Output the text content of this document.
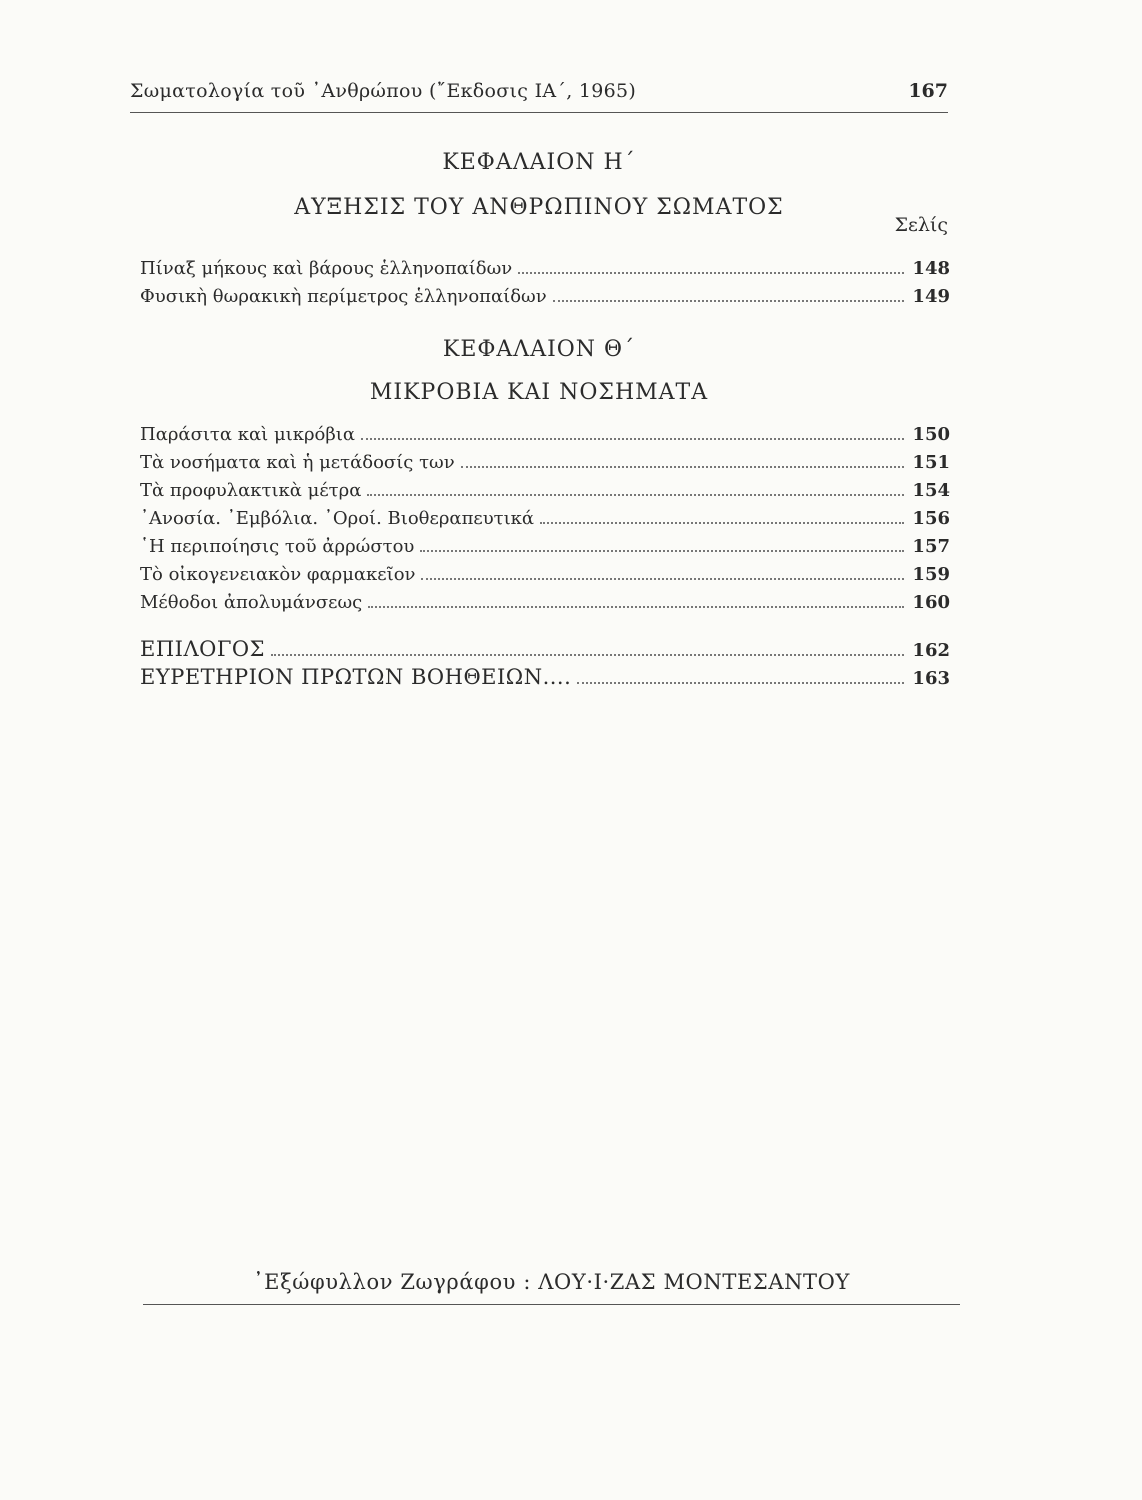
Σωματολογία τοῦ ᾿Ανθρώπου (῎Εκδοσις ΙΑ΄, 1965)	167
ΚΕΦΑΛΑΙΟΝ Η΄
ΑΥΞΗΣΙΣ ΤΟΥ ΑΝΘΡΩΠΙΝΟΥ ΣΩΜΑΤΟΣ
Σελίς
Πίναξ μήκους καὶ βάρους ἑλληνοπαίδων	148
Φυσικὴ θωρακικὴ περίμετρος ἑλληνοπαίδων	149
ΚΕΦΑΛΑΙΟΝ Θ΄
ΜΙΚΡΟΒΙΑ ΚΑΙ ΝΟΣΗΜΑΤΑ
Παράσιτα καὶ μικρόβια	150
Τὰ νοσήματα καὶ ἡ μετάδοσίς των	151
Τὰ προφυλακτικὰ μέτρα	154
᾿Ανοσία. ᾿Εμβόλια. ᾿Οροί. Βιοθεραπευτικά	156
῾Η περιποίησις τοῦ ἀρρώστου	157
Τὸ οἰκογενειακὸν φαρμακεῖον	159
Μέθοδοι ἀπολυμάνσεως	160
ΕΠΙΛΟΓΟΣ	162
ΕΥΡΕΤΗΡΙΟΝ ΠΡΩΤΩΝ ΒΟΗΘΕΙΩΝ....	163
᾿Εξώφυλλον Ζωγράφου : ΛΟΥ·Ι·ΖΑΣ ΜΟΝΤΕΣΑΝΤΟΥ
